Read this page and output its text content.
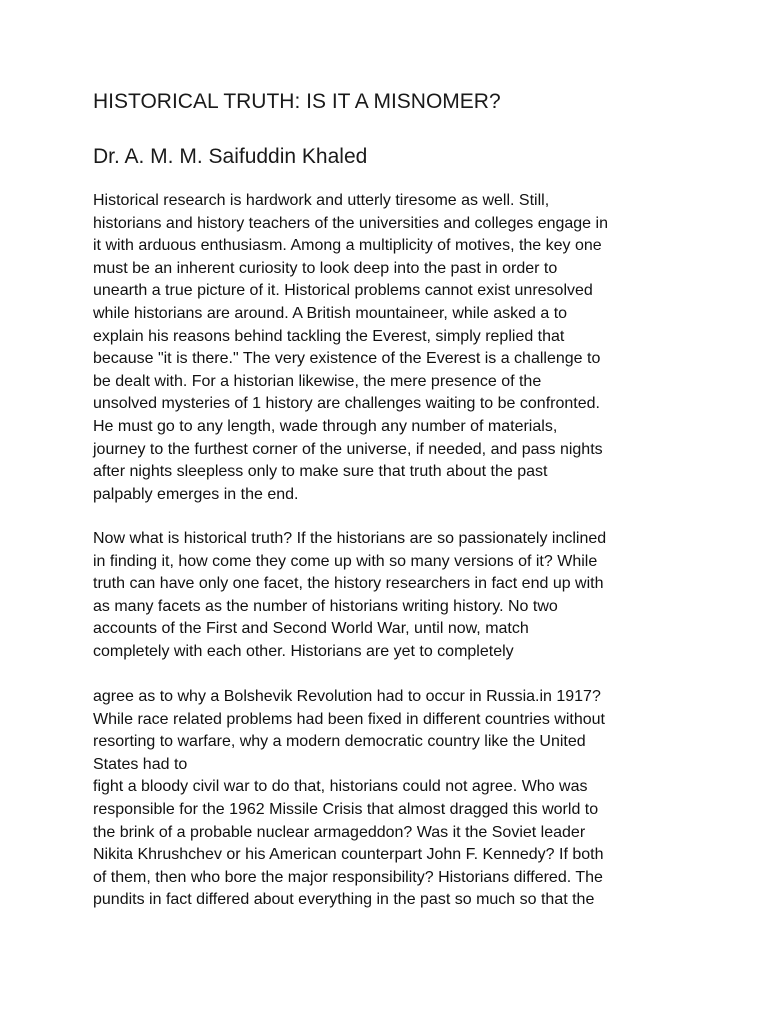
HISTORICAL TRUTH: IS IT A MISNOMER?
Dr. A. M. M. Saifuddin Khaled
Historical research is hardwork and utterly tiresome as well. Still,
historians and history teachers of the universities and colleges engage in
it with arduous enthusiasm. Among a multiplicity of motives, the key one
must be an inherent curiosity to look deep into the past in order to
unearth a true picture of it. Historical problems cannot exist unresolved
while historians are around. A British mountaineer, while asked a to
explain his reasons behind tackling the Everest, simply replied that
because "it is there." The very existence of the Everest is a challenge to
be dealt with. For a historian likewise, the mere presence of the
unsolved mysteries of 1 history are challenges waiting to be confronted.
He must go to any length, wade through any number of materials,
journey to the furthest corner of the universe, if needed, and pass nights
after nights sleepless only to make sure that truth about the past
palpably emerges in the end.
Now what is historical truth? If the historians are so passionately inclined
in finding it, how come they come up with so many versions of it? While
truth can have only one facet, the history researchers in fact end up with
as many facets as the number of historians writing history. No two
accounts of the First and Second World War, until now, match
completely with each other. Historians are yet to completely
agree as to why a Bolshevik Revolution had to occur in Russia.in 1917?
While race related problems had been fixed in different countries without
resorting to warfare, why a modern democratic country like the United
States had to
fight a bloody civil war to do that, historians could not agree. Who was
responsible for the 1962 Missile Crisis that almost dragged this world to
the brink of a probable nuclear armageddon? Was it the Soviet leader
Nikita Khrushchev or his American counterpart John F. Kennedy? If both
of them, then who bore the major responsibility? Historians differed. The
pundits in fact differed about everything in the past so much so that the
